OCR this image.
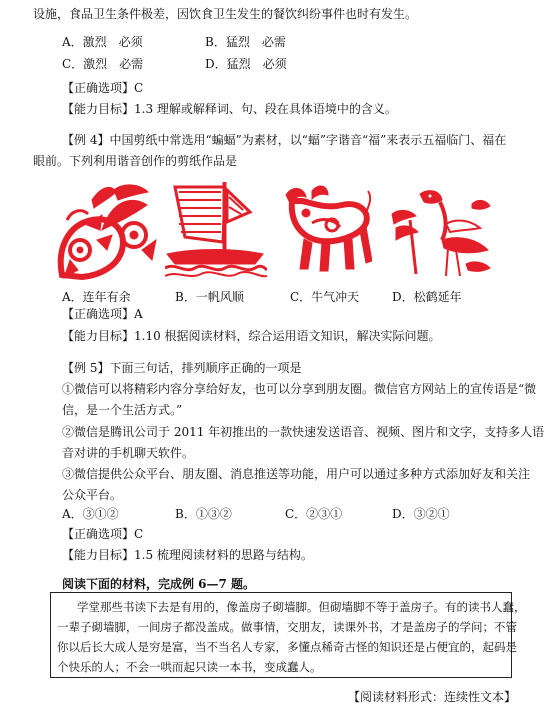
设施，食品卫生条件极差，因饮食卫生发生的餐饮纠纷事件也时有发生。
A．激烈　必须	B．猛烈　必需
C．激烈　必需	D．猛烈　必须
【正确选项】C
【能力目标】1.3 理解或解释词、句、段在具体语境中的含义。
【例 4】中国剪纸中常选用“蝙蝠”为素材，以“蝠”字谐音“福”来表示五福临门、福在
眼前。下列利用谐音创作的剪纸作品是
A．连年有余	B．一帆风顺	C．牛气冲天	D．松鹤延年
【正确选项】A
【能力目标】1.10 根据阅读材料，综合运用语文知识，解决实际问题。
【例 5】下面三句话，排列顺序正确的一项是
①微信可以将精彩内容分享给好友，也可以分享到朋友圈。微信官方网站上的宣传语是“微
信，是一个生活方式。”
②微信是腾讯公司于 2011 年初推出的一款快速发送语音、视频、图片和文字，支持多人语
音对讲的手机聊天软件。
③微信提供公众平台、朋友圈、消息推送等功能，用户可以通过多种方式添加好友和关注
公众平台。
A．③①②	B．①③②	C．②③①	D．③②①
【正确选项】C
【能力目标】1.5 梳理阅读材料的思路与结构。
阅读下面的材料，完成例 6—7 题。
学堂那些书读下去是有用的，像盖房子砌墙脚。但砌墙脚不等于盖房子。有的读书人蠢，
一辈子砌墙脚，一间房子都没盖成。做事情，交朋友，读课外书，才是盖房子的学问；不管
你以后长大成人是穷是富，当不当名人专家，多懂点稀奇古怪的知识还是占便宜的，起码是
个快乐的人；不会一哄而起只读一本书，变成蠢人。
【阅读材料形式：连续性文本】
